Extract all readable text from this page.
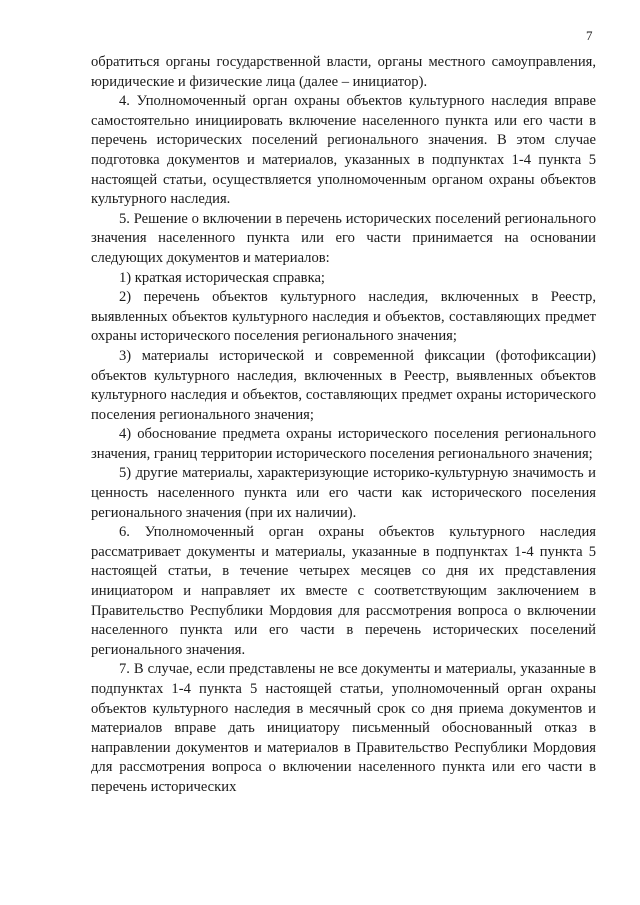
7

обратиться органы государственной власти, органы местного самоуправления, юридические и физические лица (далее – инициатор).

4. Уполномоченный орган охраны объектов культурного наследия вправе самостоятельно инициировать включение населенного пункта или его части в перечень исторических поселений регионального значения. В этом случае подготовка документов и материалов, указанных в подпунктах 1-4 пункта 5 настоящей статьи, осуществляется уполномоченным органом охраны объектов культурного наследия.

5. Решение о включении в перечень исторических поселений регионального значения населенного пункта или его части принимается на основании следующих документов и материалов:

1) краткая историческая справка;

2) перечень объектов культурного наследия, включенных в Реестр, выявленных объектов культурного наследия и объектов, составляющих предмет охраны исторического поселения регионального значения;

3) материалы исторической и современной фиксации (фотофиксации) объектов культурного наследия, включенных в Реестр, выявленных объектов культурного наследия и объектов, составляющих предмет охраны исторического поселения регионального значения;

4) обоснование предмета охраны исторического поселения регионального значения, границ территории исторического поселения регионального значения;

5) другие материалы, характеризующие историко-культурную значимость и ценность населенного пункта или его части как исторического поселения регионального значения (при их наличии).

6. Уполномоченный орган охраны объектов культурного наследия рассматривает документы и материалы, указанные в подпунктах 1-4 пункта 5 настоящей статьи, в течение четырех месяцев со дня их представления инициатором и направляет их вместе с соответствующим заключением в Правительство Республики Мордовия для рассмотрения вопроса о включении населенного пункта или его части в перечень исторических поселений регионального значения.

7. В случае, если представлены не все документы и материалы, указанные в подпунктах 1-4 пункта 5 настоящей статьи, уполномоченный орган охраны объектов культурного наследия в месячный срок со дня приема документов и материалов вправе дать инициатору письменный обоснованный отказ в направлении документов и материалов в Правительство Республики Мордовия для рассмотрения вопроса о включении населенного пункта или его части в перечень исторических
